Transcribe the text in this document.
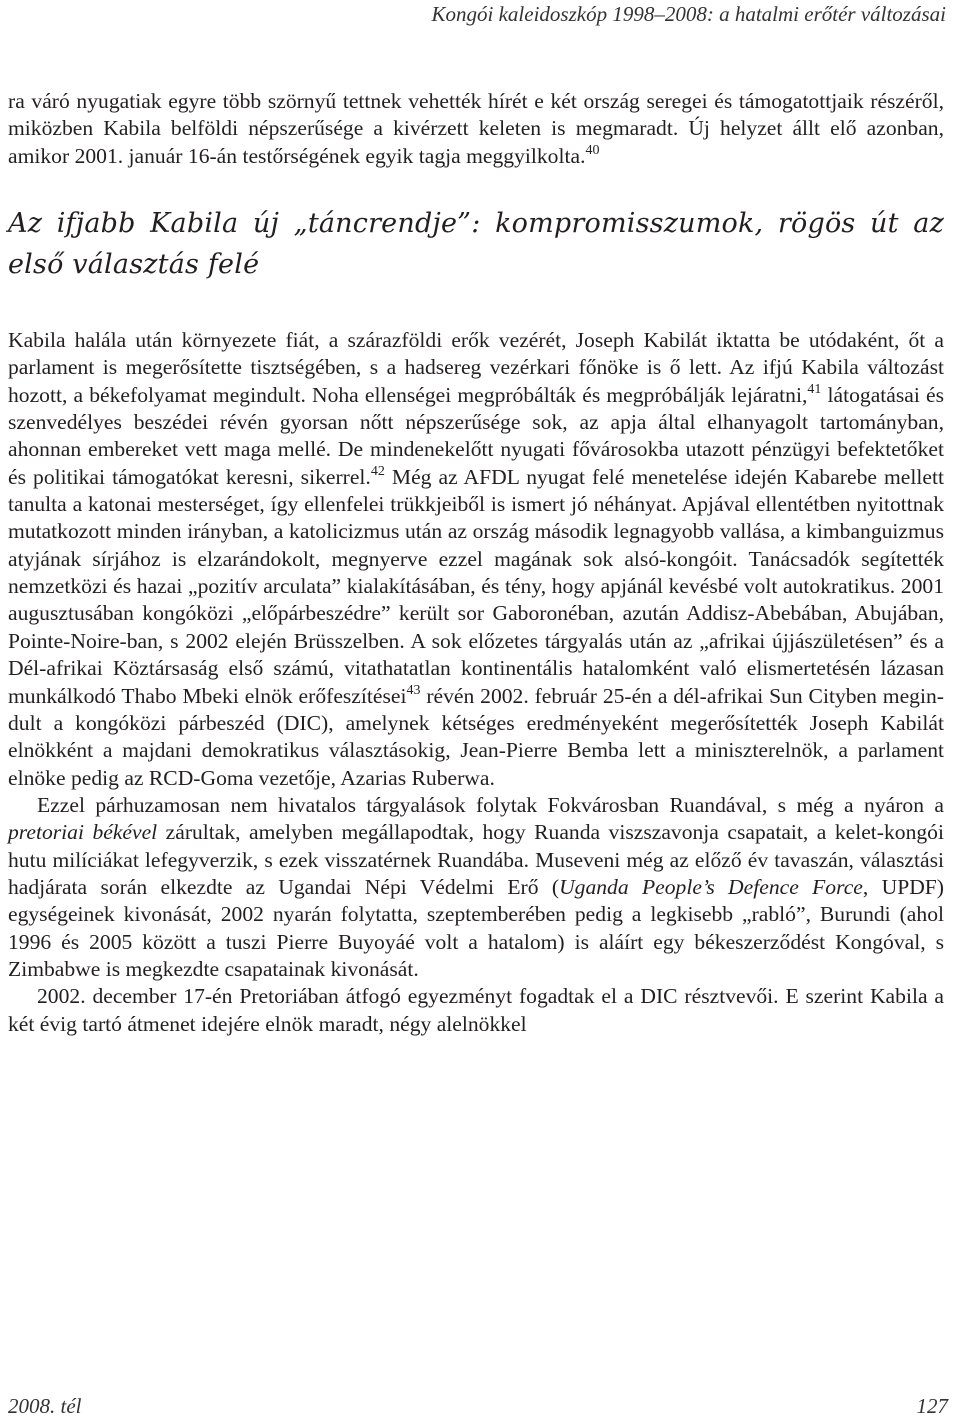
Kongói kaleidoszkóp 1998–2008: a hatalmi erőtér változásai

ra váró nyugatiak egyre több szörnyű tettnek vehették hírét e két ország seregei és támogatottjaik részéről, miközben Kabila belföldi népszerűsége a kivérzett keleten is megmaradt. Új helyzet állt elő azonban, amikor 2001. január 16-án testőrségének egyik tagja meggyilkolta.$^{40}$

Az ifjabb Kabila új „táncrendje”: kompromisszumok, rögös út az első választás felé

Kabila halála után környezete fiát, a szárazföldi erők vezérét, Joseph Kabilát iktatta be utódaként, őt a parlament is megerősítette tisztségében, s a hadsereg vezérkari főnöke is ő lett. Az ifjú Kabila változást hozott, a békefolyamat megindult. Noha ellenségei megpróbálták és megpróbálják lejáratni,$^{41}$ látogatásai és szenvedélyes beszédei révén gyorsan nőtt népszerűsége sok, az apja által elhanyagolt tartományban, ahonnan embereket vett maga mellé. De mindenekelőtt nyugati fővárosokba utazott pénzügyi befektetőket és politikai támogatókat keresni, sikerrel.$^{42}$ Még az AFDL nyugat felé menetelése idején Kabarebe mellett tanulta a katonai mesterséget, így ellenfelei trükkjeiből is ismert jó néhányat. Apjával ellentétben nyitottnak mutatkozott minden irányban, a katolicizmus után az ország második legnagyobb vallása, a kimbanguizmus atyjának sírjához is elzarándokolt, megnyerve ezzel magának sok alsó-kongóit. Tanácsadók segítették nemzetközi és hazai „pozitív arculata” kialakításában, és tény, hogy apjánál kevésbé volt autokratikus. 2001 augusztusában kongóközi „előpárbeszédre” került sor Gaboronéban, azután Addisz-Abebában, Abujában, Pointe-Noire-ban, s 2002 elején Brüsszelben. A sok előzetes tárgyalás után az „afrikai újjászületésen” és a Dél-afrikai Köztársaság első számú, vitathatatlan kontinentális hatalomként való elismertetésén lázasan munkálkodó Thabo Mbeki elnök erőfeszítései$^{43}$ révén 2002. február 25-én a dél-afrikai Sun Cityben megindult a kongóközi párbeszéd (DIC), amelynek kétséges eredményeként megerősítették Joseph Kabilát elnökként a majdani demokratikus választásokig, Jean-Pierre Bemba lett a miniszterelnök, a parlament elnöke pedig az RCD-Goma vezetője, Azarias Ruberwa.

Ezzel párhuzamosan nem hivatalos tárgyalások folytak Fokvárosban Ruandával, s még a nyáron a pretoriai békével zárultak, amelyben megállapodtak, hogy Ruanda viszszavonja csapatait, a kelet-kongói hutu milíciákat lefegyverzik, s ezek visszatérnek Ruandába. Museveni még az előző év tavaszán, választási hadjárata során elkezdte az Ugandai Népi Védelmi Erő (Uganda People’s Defence Force, UPDF) egységeinek kivonását, 2002 nyarán folytatta, szeptemberében pedig a legkisebb „rabló”, Burundi (ahol 1996 és 2005 között a tuszi Pierre Buyoyáé volt a hatalom) is aláírt egy békeszerződést Kongóval, s Zimbabwe is megkezdte csapatainak kivonását.

2002. december 17-én Pretoriában átfogó egyezményt fogadtak el a DIC résztvevői. E szerint Kabila a két évig tartó átmenet idejére elnök maradt, négy alelnökkel

2008. tél	127
